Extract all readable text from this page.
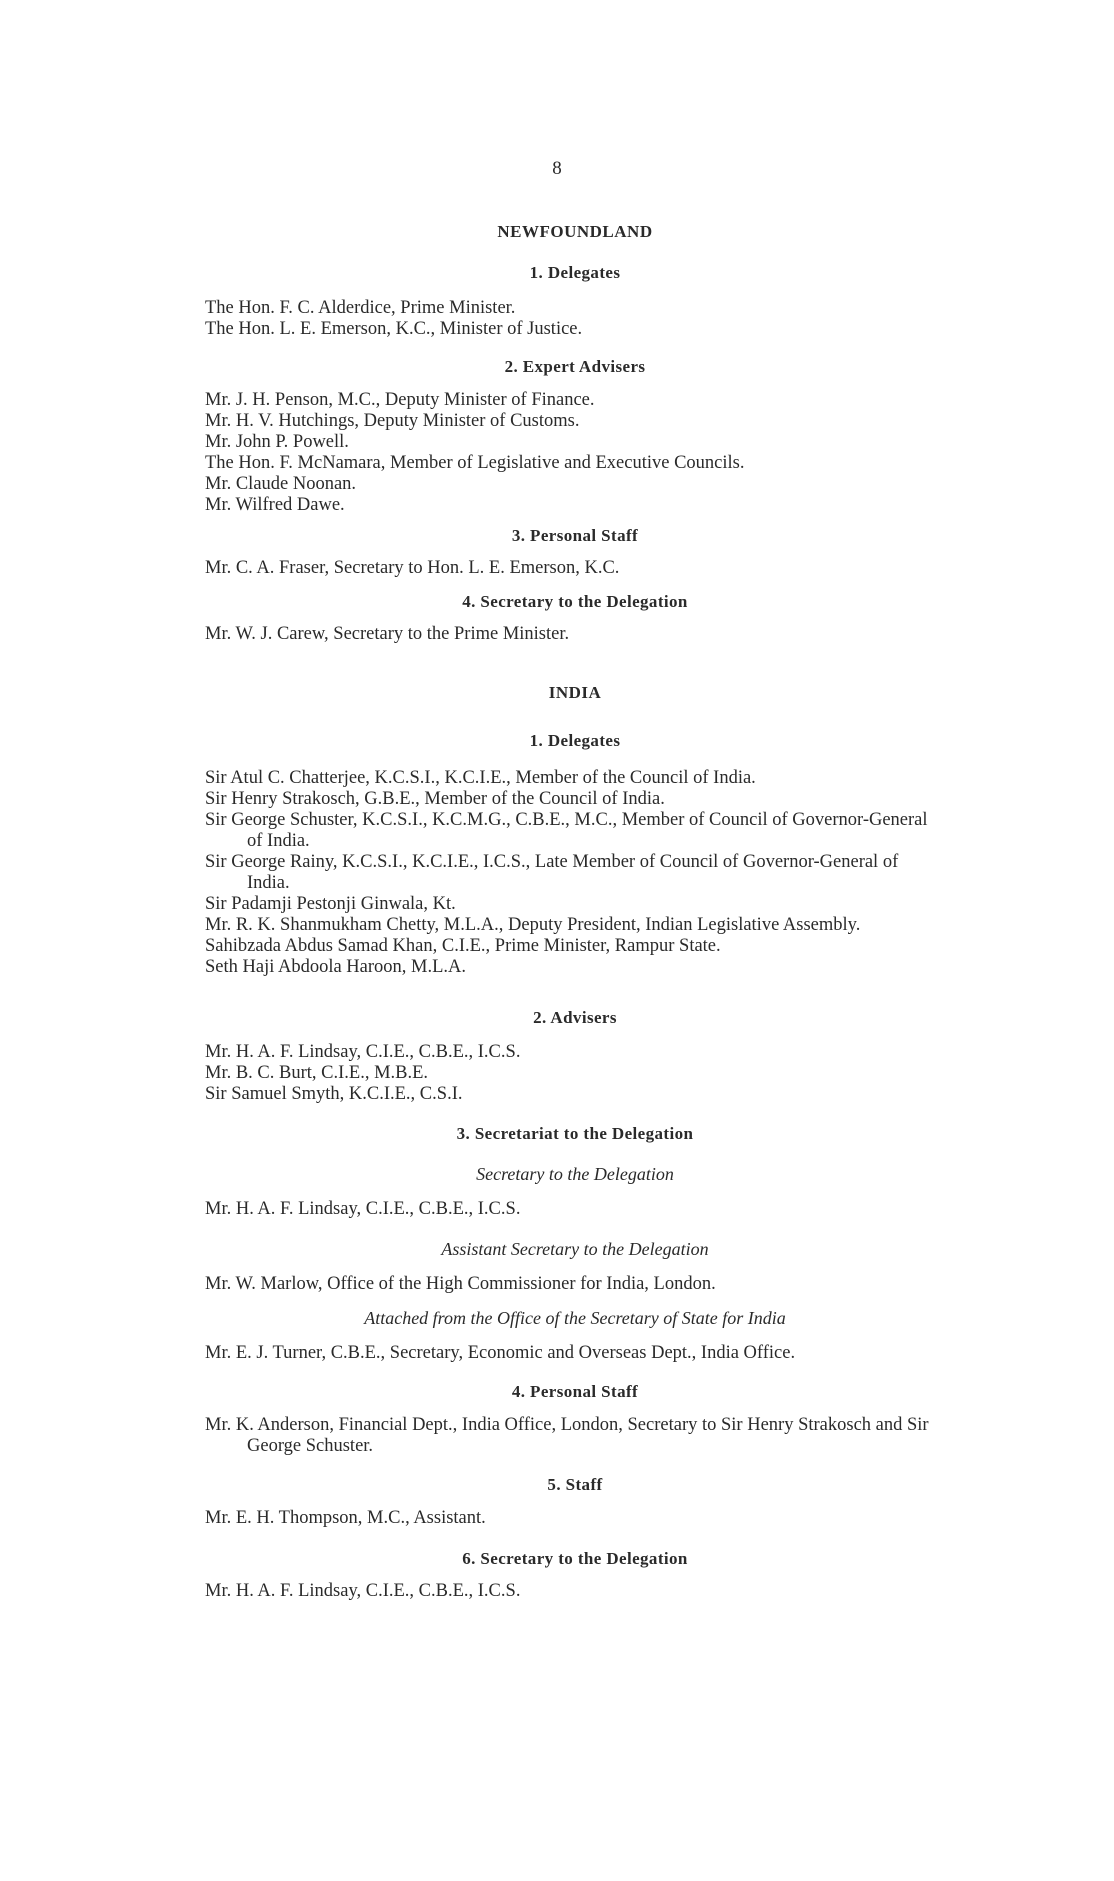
8

NEWFOUNDLAND

1. Delegates

The Hon. F. C. Alderdice, Prime Minister.

The Hon. L. E. Emerson, K.C., Minister of Justice.

2. Expert Advisers

Mr. J. H. Penson, M.C., Deputy Minister of Finance.

Mr. H. V. Hutchings, Deputy Minister of Customs.

Mr. John P. Powell.

The Hon. F. McNamara, Member of Legislative and Executive Councils.

Mr. Claude Noonan.

Mr. Wilfred Dawe.

3. Personal Staff

Mr. C. A. Fraser, Secretary to Hon. L. E. Emerson, K.C.

4. Secretary to the Delegation

Mr. W. J. Carew, Secretary to the Prime Minister.

INDIA

1. Delegates

Sir Atul C. Chatterjee, K.C.S.I., K.C.I.E., Member of the Council of India.

Sir Henry Strakosch, G.B.E., Member of the Council of India.

Sir George Schuster, K.C.S.I., K.C.M.G., C.B.E., M.C., Member of Council of Governor-General of India.

Sir George Rainy, K.C.S.I., K.C.I.E., I.C.S., Late Member of Council of Governor-General of India.

Sir Padamji Pestonji Ginwala, Kt.

Mr. R. K. Shanmukham Chetty, M.L.A., Deputy President, Indian Legislative Assembly.

Sahibzada Abdus Samad Khan, C.I.E., Prime Minister, Rampur State.

Seth Haji Abdoola Haroon, M.L.A.

2. Advisers

Mr. H. A. F. Lindsay, C.I.E., C.B.E., I.C.S.

Mr. B. C. Burt, C.I.E., M.B.E.

Sir Samuel Smyth, K.C.I.E., C.S.I.

3. Secretariat to the Delegation

Secretary to the Delegation

Mr. H. A. F. Lindsay, C.I.E., C.B.E., I.C.S.

Assistant Secretary to the Delegation

Mr. W. Marlow, Office of the High Commissioner for India, London.

Attached from the Office of the Secretary of State for India

Mr. E. J. Turner, C.B.E., Secretary, Economic and Overseas Dept., India Office.

4. Personal Staff

Mr. K. Anderson, Financial Dept., India Office, London, Secretary to Sir Henry Strakosch and Sir George Schuster.

5. Staff

Mr. E. H. Thompson, M.C., Assistant.

6. Secretary to the Delegation

Mr. H. A. F. Lindsay, C.I.E., C.B.E., I.C.S.
